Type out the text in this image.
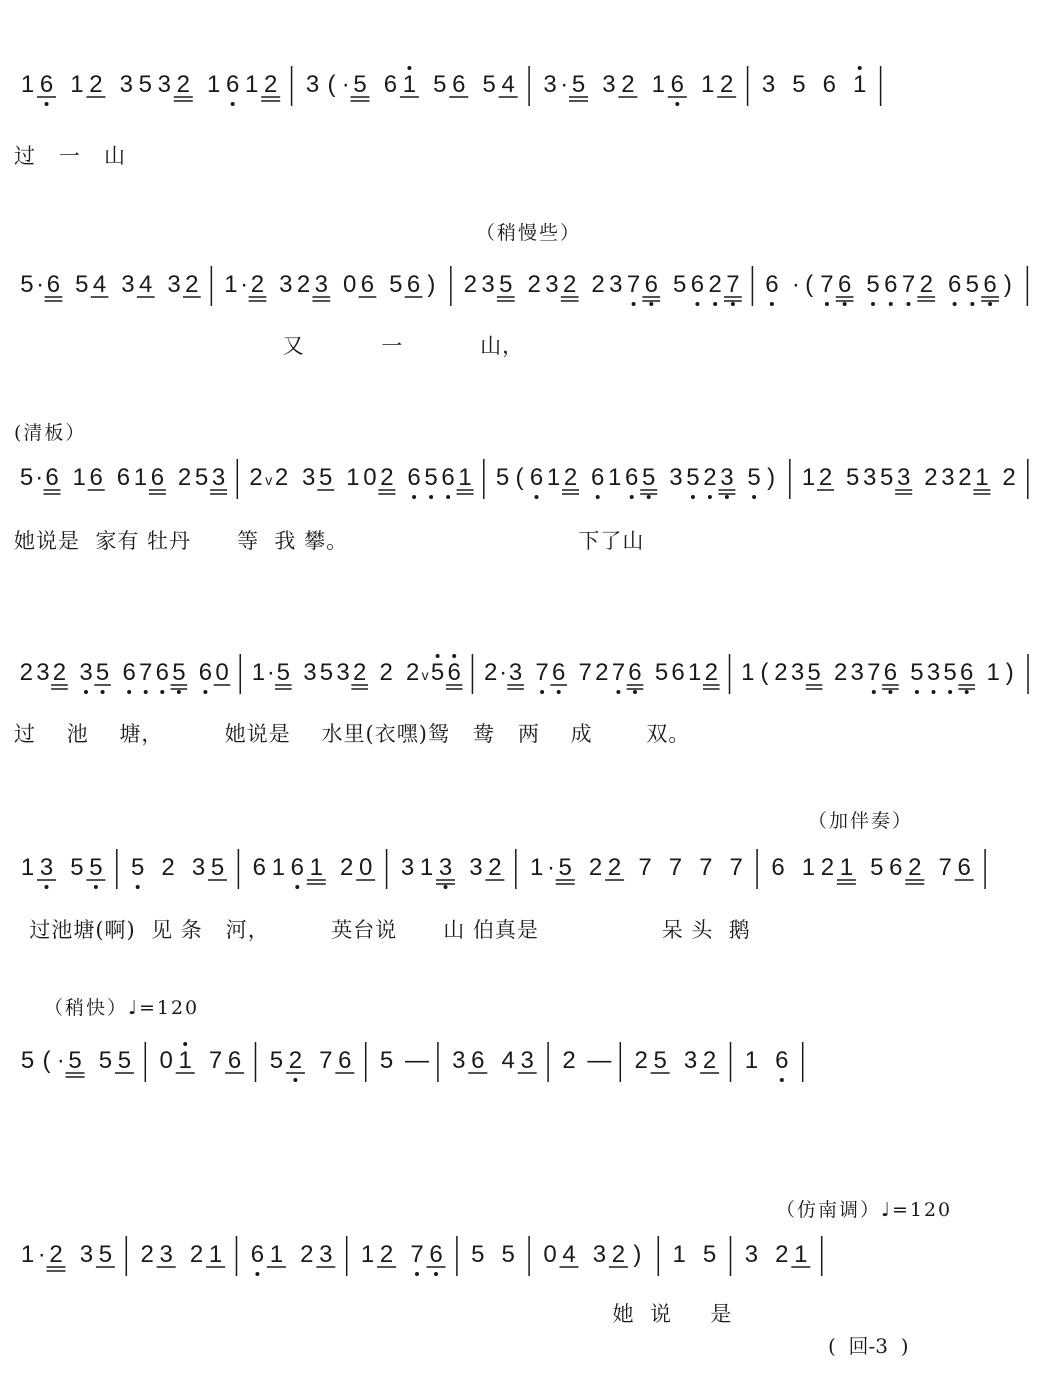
1 6 1 2 3 5 3 2 1 6 1 2 3 ( · 5 6 1 5 6 5 4 3 · 5 3 2 1 6 1 2 3 5 6 1
过   一   山
（稍慢些）
5 · 6 5 4 3 4 3 2 1 · 2 3 2 3 0 6 5 6 ) 2 3 5 2 3 2 2 3 7 6 5 6 2 7 6 · ( 7 6 5 6 7 2 6 5 6 )
又          一          山，
(清板）
5 · 6 1 6 6 1 6 2 5 3 2 v 2 3 5 1 0 2 6 5 6 1 5 ( 6 1 2 6 1 6 5 3 5 2 3 5 ) 1 2 5 3 5 3 2 3 2 1 2
她说是  家有 牡丹      等  我 攀。                              下了山
2 3 2 3 5 6 7 6 5 6 0 1 · 5 3 5 3 2 2 2 v 5 6 2 · 3 7 6 7 2 7 6 5 6 1 2 1 ( 2 3 5 2 3 7 6 5 3 5 6 1 )
过    池    塘，        她说是    水里(衣嘿)鸳   鸯   两    成       双。
（加伴奏）
1 3 5 5 5 2 3 5 6 1 6 1 2 0 3 1 3 3 2 1 · 5 2 2 7 7 7 7 6 1 2 1 5 6 2 7 6
过池塘(啊)  见 条   河，        英台说      山 伯真是                呆 头  鹅
（稍快）♩=120
5 ( · 5 5 5 0 1 7 6 5 2 7 6 5 — 3 6 4 3 2 — 2 5 3 2 1 6
（仿南调）♩=120
1 · 2 3 5 2 3 2 1 6 1 2 3 1 2 7 6 5 5 0 4 3 2 ) 1 5 3 2 1
她  说     是
(  回-3  )
